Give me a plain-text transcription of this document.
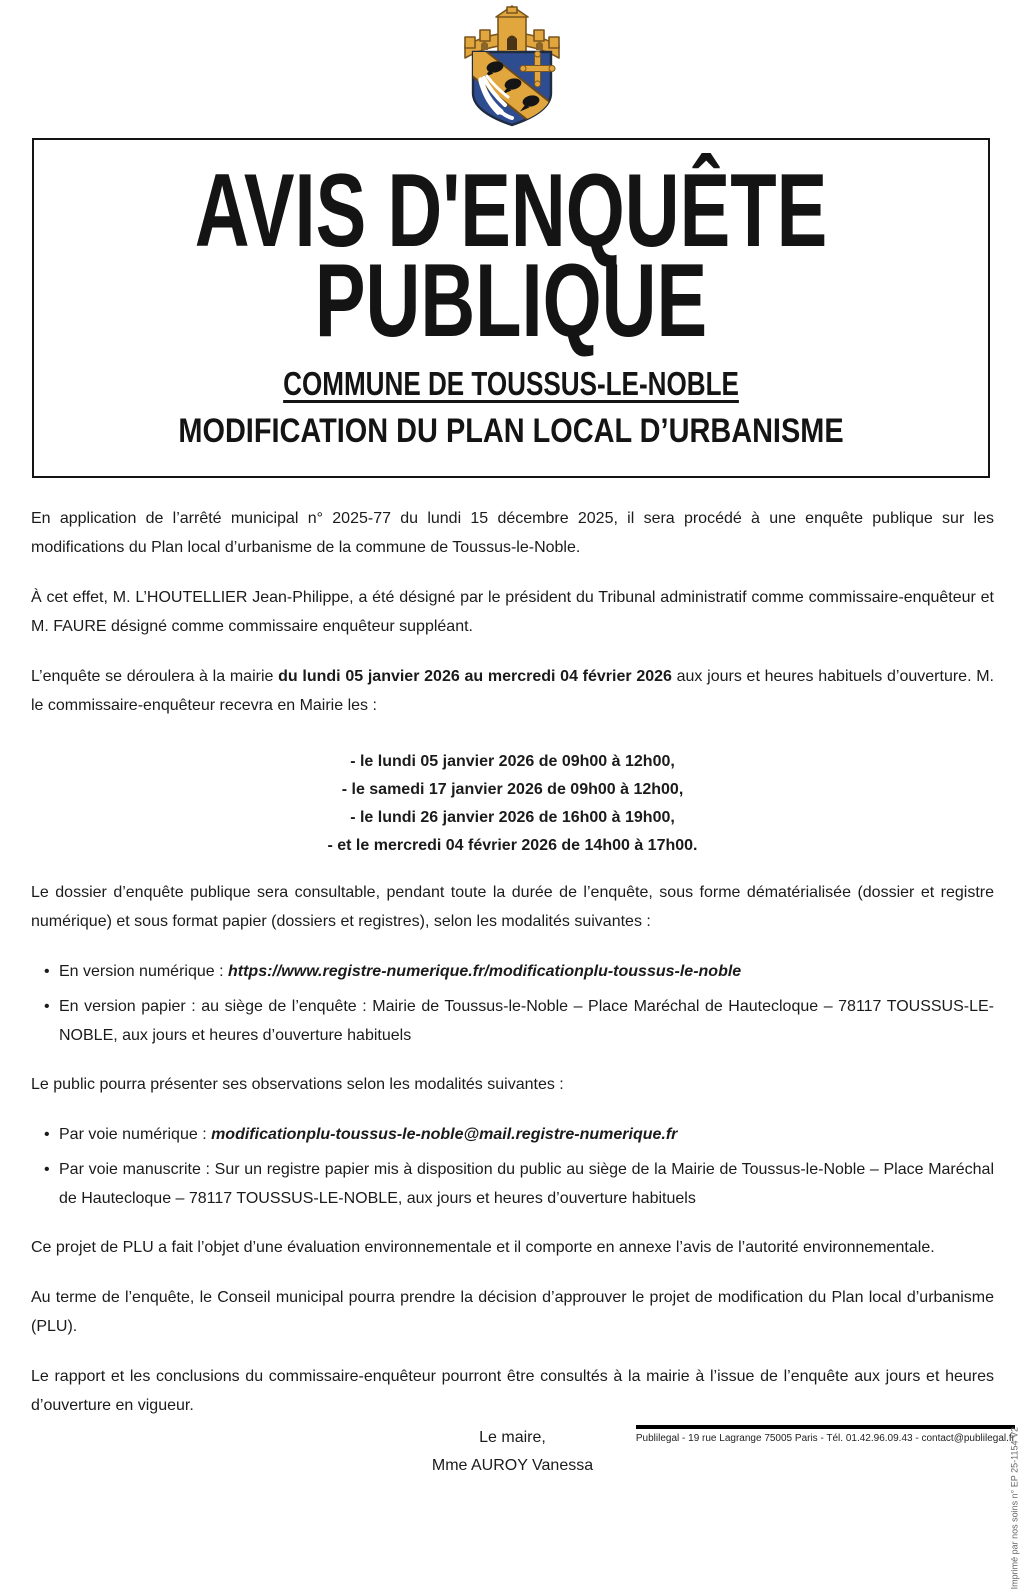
AVIS D'ENQUÊTE
PUBLIQUE
COMMUNE DE TOUSSUS-LE-NOBLE
MODIFICATION DU PLAN LOCAL D’URBANISME

En application de l’arrêté municipal n° 2025-77 du lundi 15 décembre 2025, il sera procédé à une enquête publique sur les modifications du Plan local d’urbanisme de la commune de Toussus-le-Noble.

À cet effet, M. L’HOUTELLIER Jean-Philippe, a été désigné par le président du Tribunal administratif comme commissaire-enquêteur et M. FAURE désigné comme commissaire enquêteur suppléant.

L’enquête se déroulera à la mairie du lundi 05 janvier 2026 au mercredi 04 février 2026 aux jours et heures habituels d’ouverture. M. le commissaire-enquêteur recevra en Mairie les :

- le lundi 05 janvier 2026 de 09h00 à 12h00,
- le samedi 17 janvier 2026 de 09h00 à 12h00,
- le lundi 26 janvier 2026 de 16h00 à 19h00,
- et le mercredi 04 février 2026 de 14h00 à 17h00.

Le dossier d’enquête publique sera consultable, pendant toute la durée de l’enquête, sous forme dématérialisée (dossier et registre numérique) et sous format papier (dossiers et registres), selon les modalités suivantes :

• En version numérique : https://www.registre-numerique.fr/modificationplu-toussus-le-noble
• En version papier : au siège de l’enquête : Mairie de Toussus-le-Noble – Place Maréchal de Hautecloque – 78117 TOUSSUS-LE-NOBLE, aux jours et heures d’ouverture habituels

Le public pourra présenter ses observations selon les modalités suivantes :

• Par voie numérique : modificationplu-toussus-le-noble@mail.registre-numerique.fr
• Par voie manuscrite : Sur un registre papier mis à disposition du public au siège de la Mairie de Toussus-le-Noble – Place Maréchal de Hautecloque – 78117 TOUSSUS-LE-NOBLE, aux jours et heures d’ouverture habituels

Ce projet de PLU a fait l’objet d’une évaluation environnementale et il comporte en annexe l’avis de l’autorité environnementale.

Au terme de l’enquête, le Conseil municipal pourra prendre la décision d’approuver le projet de modification du Plan local d’urbanisme (PLU).

Le rapport et les conclusions du commissaire-enquêteur pourront être consultés à la mairie à l’issue de l’enquête aux jours et heures d’ouverture en vigueur.

Le maire,
Mme AUROY Vanessa
Publilegal - 19 rue Lagrange 75005 Paris - Tél. 01.42.96.09.43 - contact@publilegal.fr
Imprimé par nos soins n° EP 25-1154 V2
